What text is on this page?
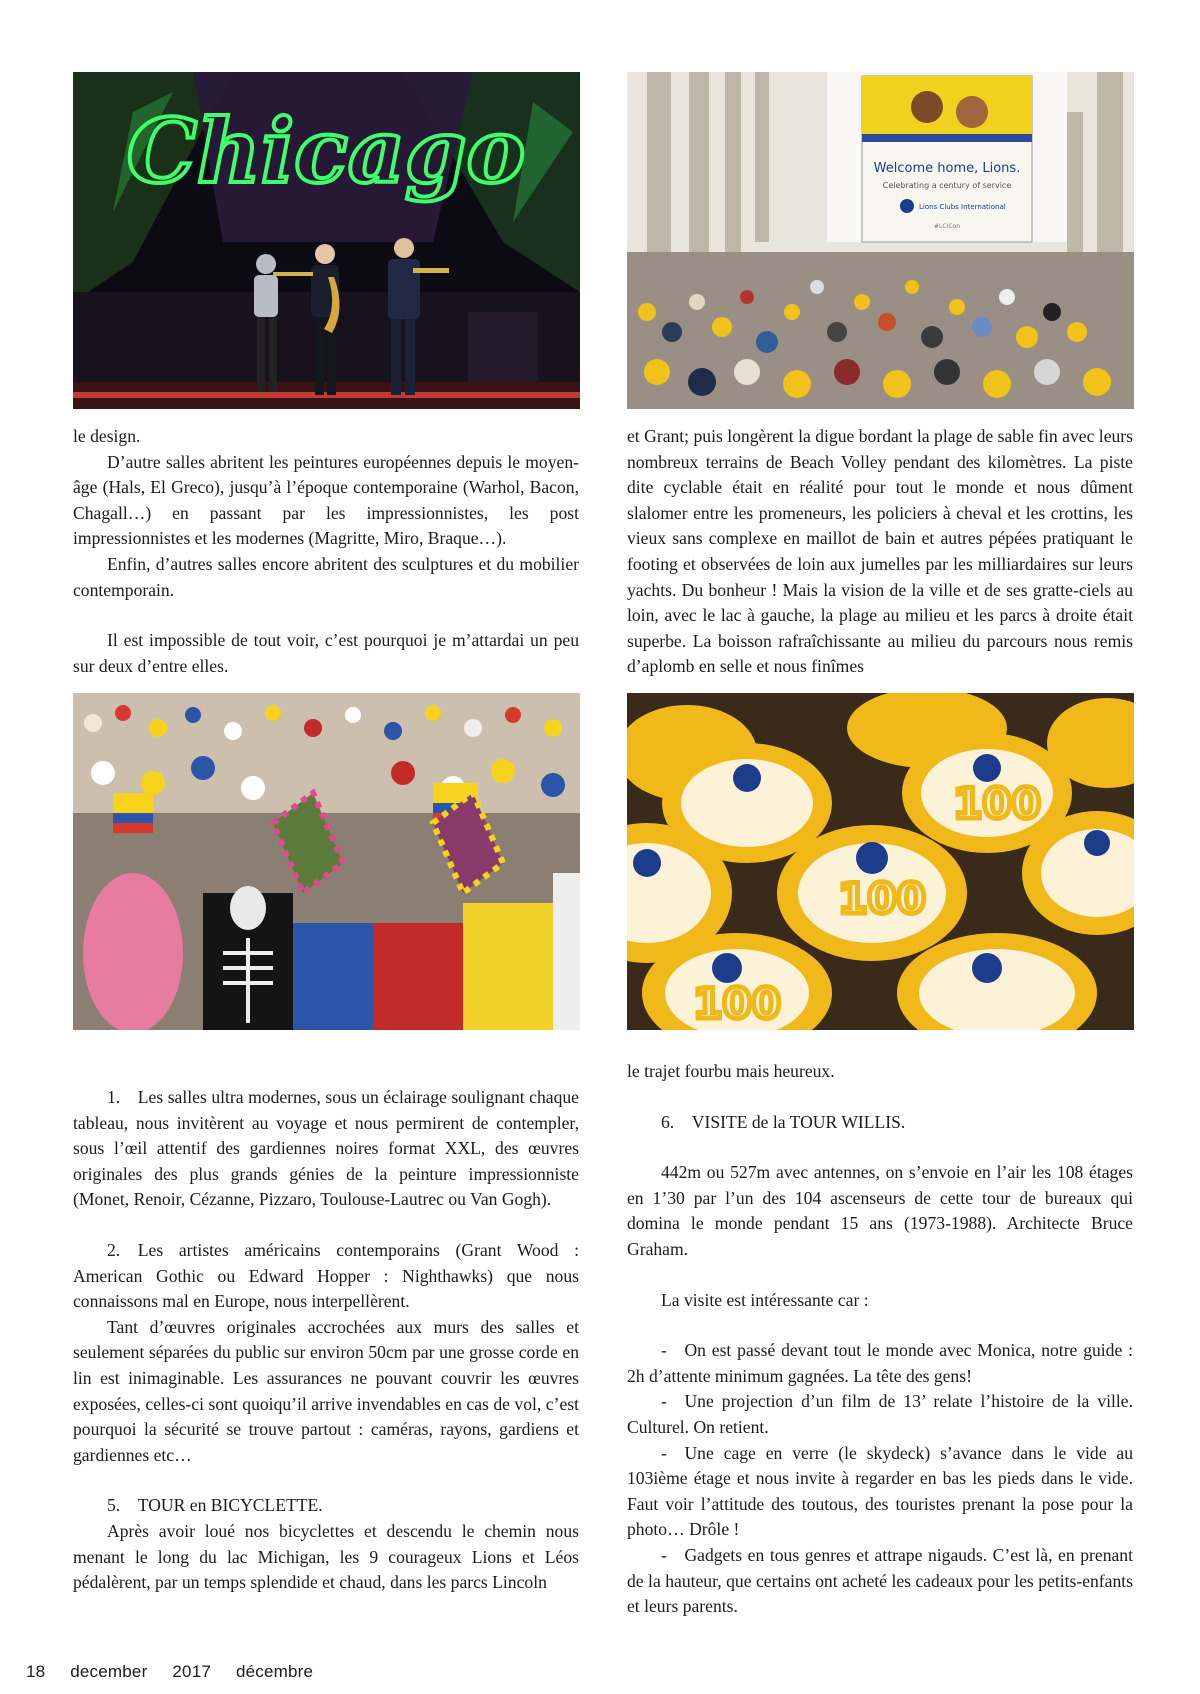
Chicago	Welcome home, Lions.
Celebrating a century of service
Lions Clubs International
#LCICon

le design.

D’autre salles abritent les peintures européennes depuis le moyen-âge (Hals, El Greco), jusqu’à l’époque contemporaine (Warhol, Bacon, Chagall…) en passant par les impressionnistes, les post impressionnistes et les modernes (Magritte, Miro, Braque…).

Enfin, d’autres salles encore abritent des sculptures et du mobilier contemporain.

Il est impossible de tout voir, c’est pourquoi je m’attardai un peu sur deux d’entre elles.

et Grant; puis longèrent la digue bordant la plage de sable fin avec leurs nombreux terrains de Beach Volley pendant des kilomètres. La piste dite cyclable était en réalité pour tout le monde et nous dûment slalomer entre les promeneurs, les policiers à cheval et les crottins, les vieux sans complexe en maillot de bain et autres pépées pratiquant le footing et observées de loin aux jumelles par les milliardaires sur leurs yachts. Du bonheur ! Mais la vision de la ville et de ses gratte-ciels au loin, avec le lac à gauche, la plage au milieu et les parcs à droite était superbe. La boisson rafraîchissante au milieu du parcours nous remis d’aplomb en selle et nous finîmes

100
100
100

1. Les salles ultra modernes, sous un éclairage soulignant chaque tableau, nous invitèrent au voyage et nous permirent de contempler, sous l’œil attentif des gardiennes noires format XXL, des œuvres originales des plus grands génies de la peinture impressionniste (Monet, Renoir, Cézanne, Pizzaro, Toulouse-Lautrec ou Van Gogh).

2. Les artistes américains contemporains (Grant Wood : American Gothic ou Edward Hopper : Nighthawks) que nous connaissons mal en Europe, nous interpellèrent.

Tant d’œuvres originales accrochées aux murs des salles et seulement séparées du public sur environ 50cm par une grosse corde en lin est inimaginable. Les assurances ne pouvant couvrir les œuvres exposées, celles-ci sont quoiqu’il arrive invendables en cas de vol, c’est pourquoi la sécurité se trouve partout : caméras, rayons, gardiens et gardiennes etc…

5. TOUR en BICYCLETTE.

Après avoir loué nos bicyclettes et descendu le chemin nous menant le long du lac Michigan, les 9 courageux Lions et Léos pédalèrent, par un temps splendide et chaud, dans les parcs Lincoln

le trajet fourbu mais heureux.

6. VISITE de la TOUR WILLIS.

442m ou 527m avec antennes, on s’envoie en l’air les 108 étages en 1’30 par l’un des 104 ascenseurs de cette tour de bureaux qui domina le monde pendant 15 ans (1973-1988). Architecte Bruce Graham.

La visite est intéressante car :

- On est passé devant tout le monde avec Monica, notre guide : 2h d’attente minimum gagnées. La tête des gens!

- Une projection d’un film de 13’ relate l’histoire de la ville. Culturel. On retient.

- Une cage en verre (le skydeck) s’avance dans le vide au 103ième étage et nous invite à regarder en bas les pieds dans le vide. Faut voir l’attitude des toutous, des touristes prenant la pose pour la photo… Drôle !

- Gadgets en tous genres et attrape nigauds. C’est là, en prenant de la hauteur, que certains ont acheté les cadeaux pour les petits-enfants et leurs parents.

18 december 2017 décembre
